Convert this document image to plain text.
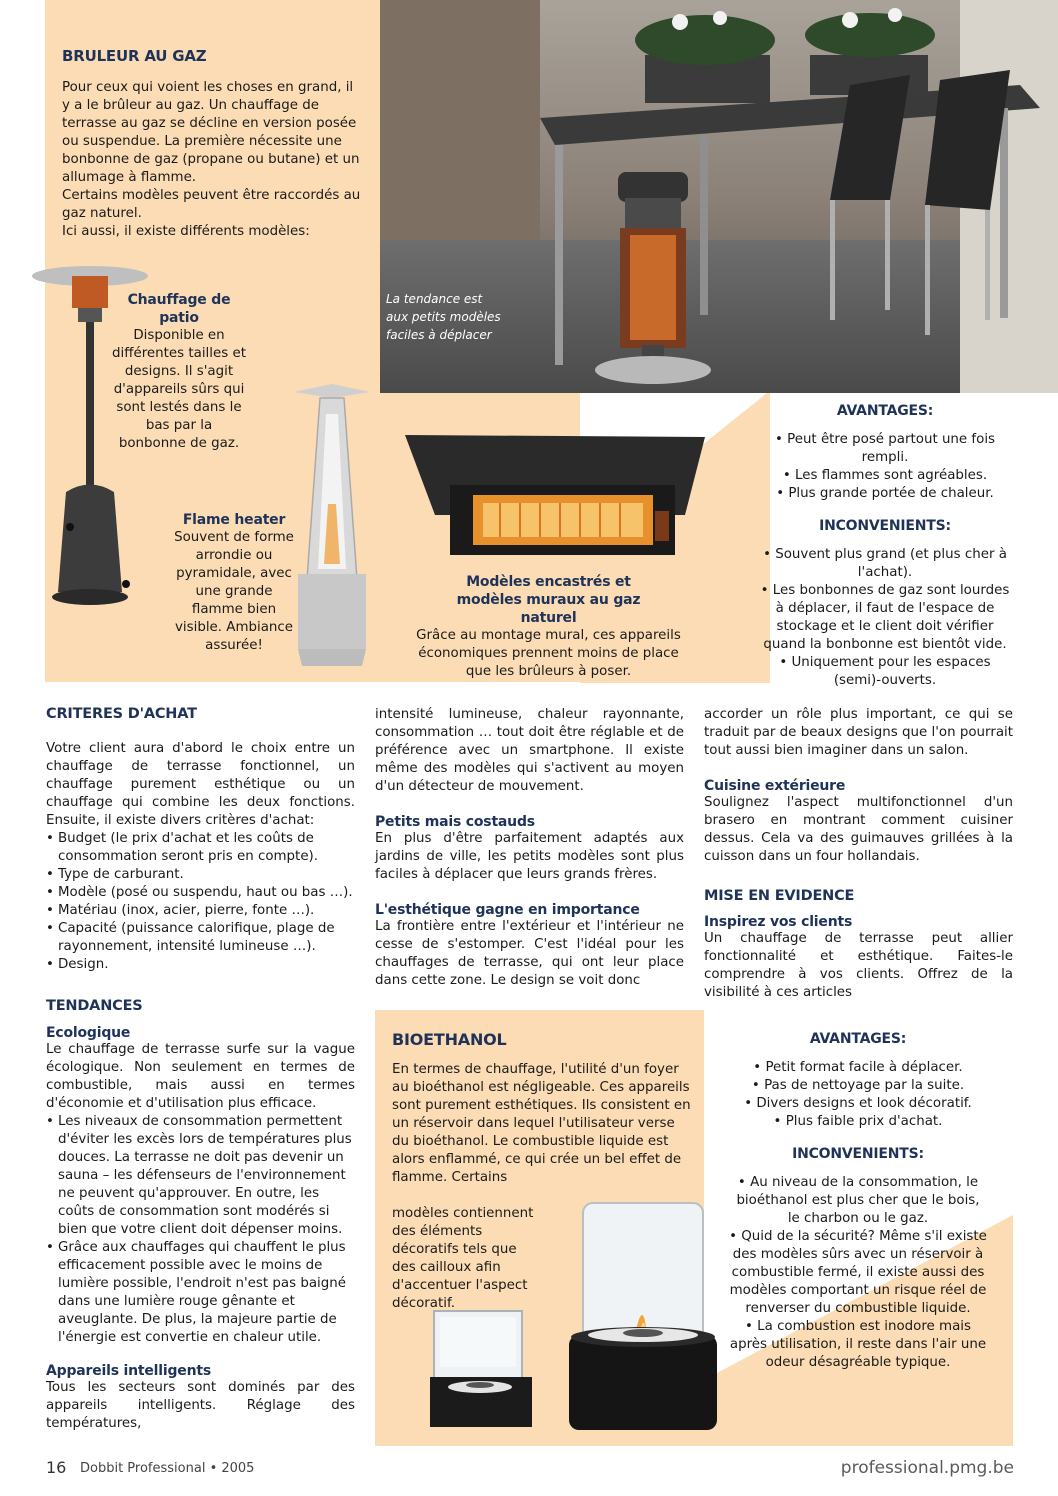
La tendance est aux petits modèles faciles à déplacer
BRULEUR AU GAZ

Pour ceux qui voient les choses en grand, il y a le brûleur au gaz. Un chauffage de terrasse au gaz se décline en version posée ou suspendue. La première nécessite une bonbonne de gaz (propane ou butane) et un allumage à flamme.

Certains modèles peuvent être raccordés au gaz naturel.

Ici aussi, il existe différents modèles:

Chauffage de patio
Disponible en différentes tailles et designs. Il s'agit d'appareils sûrs qui sont lestés dans le bas par la bonbonne de gaz.
Flame heater
Souvent de forme arrondie ou pyramidale, avec une grande flamme bien visible. Ambiance assurée!
Modèles encastrés et modèles muraux au gaz naturel
Grâce au montage mural, ces appareils économiques prennent moins de place que les brûleurs à poser.
AVANTAGES:
• Peut être posé partout une fois rempli.
• Les flammes sont agréables.
• Plus grande portée de chaleur.
INCONVENIENTS:
• Souvent plus grand (et plus cher à l'achat).
• Les bonbonnes de gaz sont lourdes à déplacer, il faut de l'espace de stockage et le client doit vérifier quand la bonbonne est bientôt vide.
• Uniquement pour les espaces (semi)-ouverts.
CRITERES D'ACHAT

Votre client aura d'abord le choix entre un chauffage de terrasse fonctionnel, un chauffage purement esthétique ou un chauffage qui combine les deux fonctions. Ensuite, il existe divers critères d'achat:

• Budget (le prix d'achat et les coûts de consommation seront pris en compte).
• Type de carburant.
• Modèle (posé ou suspendu, haut ou bas …).
• Matériau (inox, acier, pierre, fonte …).
• Capacité (puissance calorifique, plage de rayonnement, intensité lumineuse …).
• Design.
TENDANCES
Ecologique

Le chauffage de terrasse surfe sur la vague écologique. Non seulement en termes de combustible, mais aussi en termes d'économie et d'utilisation plus efficace.

• Les niveaux de consommation permettent d'éviter les excès lors de températures plus douces. La terrasse ne doit pas devenir un sauna – les défenseurs de l'environnement ne peuvent qu'approuver. En outre, les coûts de consommation sont modérés si bien que votre client doit dépenser moins.
• Grâce aux chauffages qui chauffent le plus efficacement possible avec le moins de lumière possible, l'endroit n'est pas baigné dans une lumière rouge gênante et aveuglante. De plus, la majeure partie de l'énergie est convertie en chaleur utile.
Appareils intelligents

Tous les secteurs sont dominés par des appareils intelligents. Réglage des températures,

intensité lumineuse, chaleur rayonnante, consommation … tout doit être réglable et de préférence avec un smartphone. Il existe même des modèles qui s'activent au moyen d'un détecteur de mouvement.

Petits mais costauds

En plus d'être parfaitement adaptés aux jardins de ville, les petits modèles sont plus faciles à déplacer que leurs grands frères.

L'esthétique gagne en importance

La frontière entre l'extérieur et l'intérieur ne cesse de s'estomper. C'est l'idéal pour les chauffages de terrasse, qui ont leur place dans cette zone. Le design se voit donc

accorder un rôle plus important, ce qui se traduit par de beaux designs que l'on pourrait tout aussi bien imaginer dans un salon.

Cuisine extérieure

Soulignez l'aspect multifonctionnel d'un brasero en montrant comment cuisiner dessus. Cela va des guimauves grillées à la cuisson dans un four hollandais.

MISE EN EVIDENCE
Inspirez vos clients

Un chauffage de terrasse peut allier fonctionnalité et esthétique. Faites-le comprendre à vos clients. Offrez de la visibilité à ces articles

BIOETHANOL

En termes de chauffage, l'utilité d'un foyer au bioéthanol est négligeable. Ces appareils sont purement esthétiques. Ils consistent en un réservoir dans lequel l'utilisateur verse du bioéthanol. Le combustible liquide est alors enflammé, ce qui crée un bel effet de flamme. Certains

modèles contiennent des éléments décoratifs tels que des cailloux afin d'accentuer l'aspect décoratif.

AVANTAGES:
• Petit format facile à déplacer.
• Pas de nettoyage par la suite.
• Divers designs et look décoratif.
• Plus faible prix d'achat.
INCONVENIENTS:
• Au niveau de la consommation, le bioéthanol est plus cher que le bois, le charbon ou le gaz.
• Quid de la sécurité? Même s'il existe des modèles sûrs avec un réservoir à combustible fermé, il existe aussi des modèles comportant un risque réel de renverser du combustible liquide.
• La combustion est inodore mais après utilisation, il reste dans l'air une odeur désagréable typique.
16 Dobbit Professional • 2005	professional.pmg.be
